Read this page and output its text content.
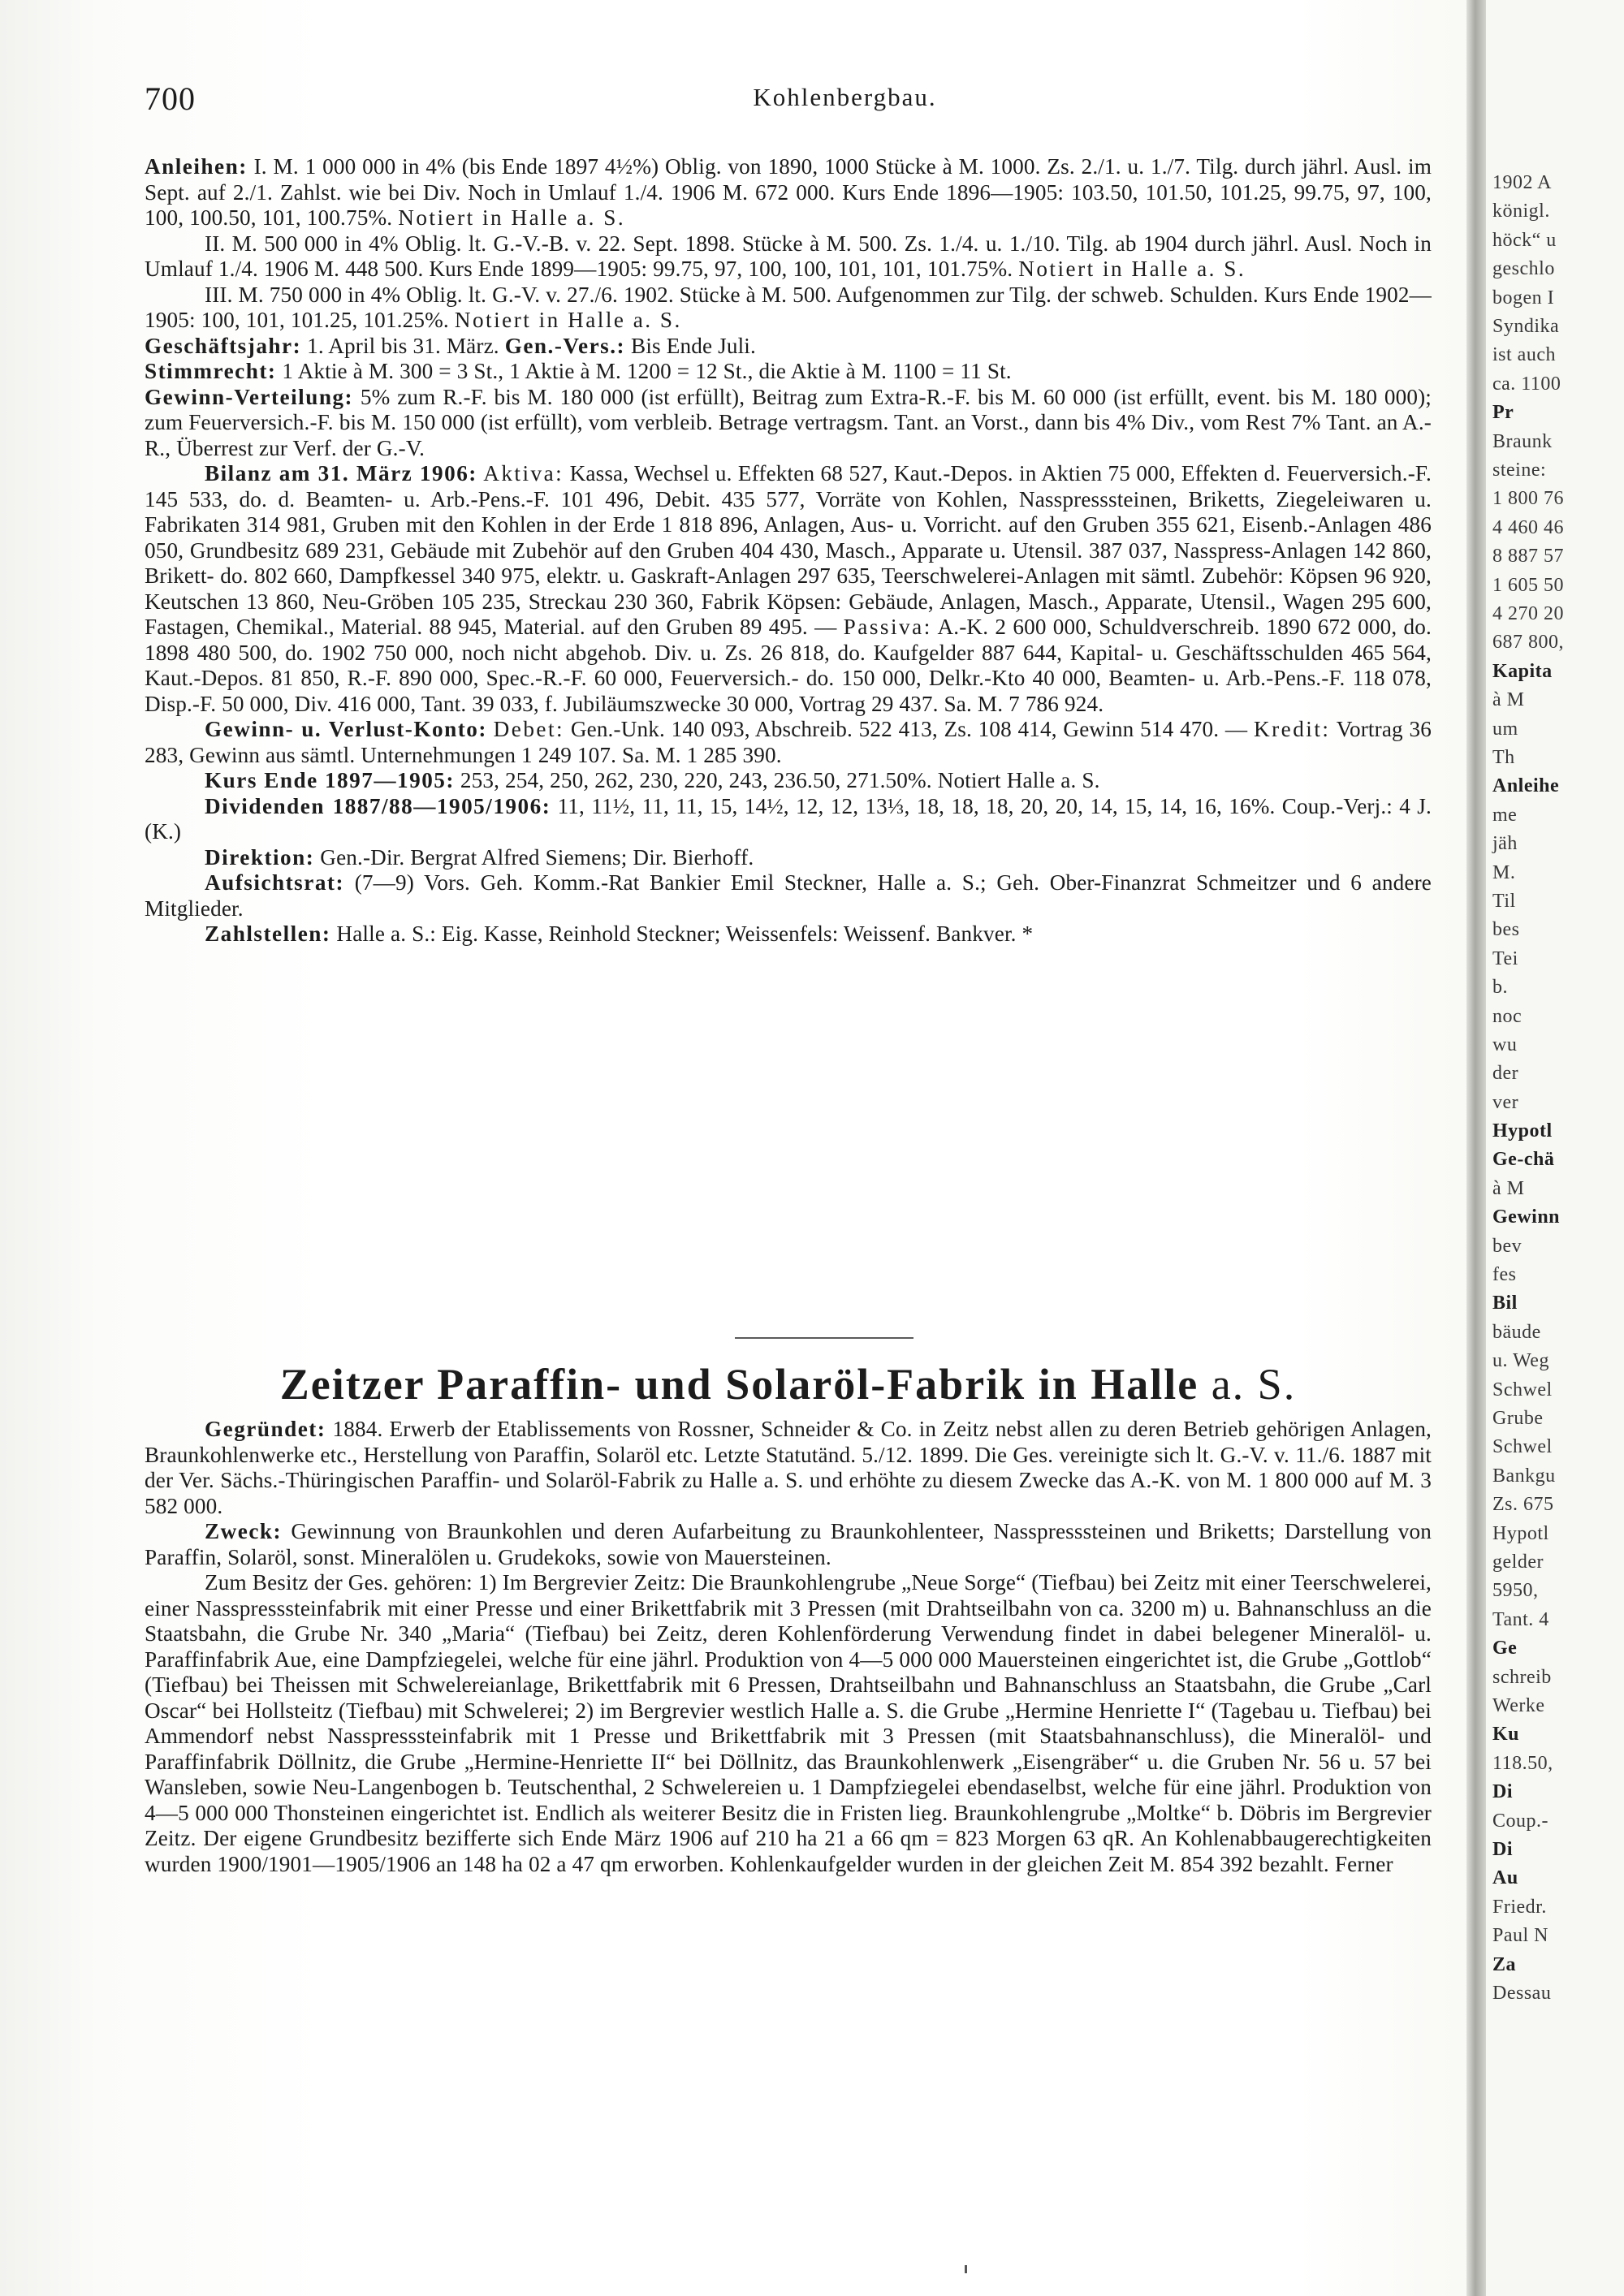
700	Kohlenbergbau.

Anleihen: I. M. 1 000 000 in 4% (bis Ende 1897 4½%) Oblig. von 1890, 1000 Stücke à M. 1000. Zs. 2./1. u. 1./7. Tilg. durch jährl. Ausl. im Sept. auf 2./1. Zahlst. wie bei Div. Noch in Umlauf 1./4. 1906 M. 672 000. Kurs Ende 1896—1905: 103.50, 101.50, 101.25, 99.75, 97, 100, 100, 100.50, 101, 100.75%. Notiert in Halle a. S.

II. M. 500 000 in 4% Oblig. lt. G.-V.-B. v. 22. Sept. 1898. Stücke à M. 500. Zs. 1./4. u. 1./10. Tilg. ab 1904 durch jährl. Ausl. Noch in Umlauf 1./4. 1906 M. 448 500. Kurs Ende 1899—1905: 99.75, 97, 100, 100, 101, 101, 101.75%. Notiert in Halle a. S.

III. M. 750 000 in 4% Oblig. lt. G.-V. v. 27./6. 1902. Stücke à M. 500. Aufgenommen zur Tilg. der schweb. Schulden. Kurs Ende 1902—1905: 100, 101, 101.25, 101.25%. Notiert in Halle a. S.

Geschäftsjahr: 1. April bis 31. März. Gen.-Vers.: Bis Ende Juli.

Stimmrecht: 1 Aktie à M. 300 = 3 St., 1 Aktie à M. 1200 = 12 St., die Aktie à M. 1100 = 11 St.

Gewinn-Verteilung: 5% zum R.-F. bis M. 180 000 (ist erfüllt), Beitrag zum Extra-R.-F. bis M. 60 000 (ist erfüllt, event. bis M. 180 000); zum Feuerversich.-F. bis M. 150 000 (ist erfüllt), vom verbleib. Betrage vertragsm. Tant. an Vorst., dann bis 4% Div., vom Rest 7% Tant. an A.-R., Überrest zur Verf. der G.-V.

Bilanz am 31. März 1906: Aktiva: Kassa, Wechsel u. Effekten 68 527, Kaut.-Depos. in Aktien 75 000, Effekten d. Feuerversich.-F. 145 533, do. d. Beamten- u. Arb.-Pens.-F. 101 496, Debit. 435 577, Vorräte von Kohlen, Nasspresssteinen, Briketts, Ziegeleiwaren u. Fabrikaten 314 981, Gruben mit den Kohlen in der Erde 1 818 896, Anlagen, Aus- u. Vorricht. auf den Gruben 355 621, Eisenb.-Anlagen 486 050, Grundbesitz 689 231, Gebäude mit Zubehör auf den Gruben 404 430, Masch., Apparate u. Utensil. 387 037, Nasspress-Anlagen 142 860, Brikett- do. 802 660, Dampfkessel 340 975, elektr. u. Gaskraft-Anlagen 297 635, Teerschwelerei-Anlagen mit sämtl. Zubehör: Köpsen 96 920, Keutschen 13 860, Neu-Gröben 105 235, Streckau 230 360, Fabrik Köpsen: Gebäude, Anlagen, Masch., Apparate, Utensil., Wagen 295 600, Fastagen, Chemikal., Material. 88 945, Material. auf den Gruben 89 495. — Passiva: A.-K. 2 600 000, Schuldverschreib. 1890 672 000, do. 1898 480 500, do. 1902 750 000, noch nicht abgehob. Div. u. Zs. 26 818, do. Kaufgelder 887 644, Kapital- u. Geschäftsschulden 465 564, Kaut.-Depos. 81 850, R.-F. 890 000, Spec.-R.-F. 60 000, Feuerversich.- do. 150 000, Delkr.-Kto 40 000, Beamten- u. Arb.-Pens.-F. 118 078, Disp.-F. 50 000, Div. 416 000, Tant. 39 033, f. Jubiläumszwecke 30 000, Vortrag 29 437. Sa. M. 7 786 924.

Gewinn- u. Verlust-Konto: Debet: Gen.-Unk. 140 093, Abschreib. 522 413, Zs. 108 414, Gewinn 514 470. — Kredit: Vortrag 36 283, Gewinn aus sämtl. Unternehmungen 1 249 107. Sa. M. 1 285 390.

Kurs Ende 1897—1905: 253, 254, 250, 262, 230, 220, 243, 236.50, 271.50%. Notiert Halle a. S.

Dividenden 1887/88—1905/1906: 11, 11½, 11, 11, 15, 14½, 12, 12, 13⅓, 18, 18, 18, 20, 20, 14, 15, 14, 16, 16%. Coup.-Verj.: 4 J. (K.)

Direktion: Gen.-Dir. Bergrat Alfred Siemens; Dir. Bierhoff.

Aufsichtsrat: (7—9) Vors. Geh. Komm.-Rat Bankier Emil Steckner, Halle a. S.; Geh. Ober-Finanzrat Schmeitzer und 6 andere Mitglieder.

Zahlstellen: Halle a. S.: Eig. Kasse, Reinhold Steckner; Weissenfels: Weissenf. Bankver. *

Zeitzer Paraffin- und Solaröl-Fabrik in Halle a. S.

Gegründet: 1884. Erwerb der Etablissements von Rossner, Schneider & Co. in Zeitz nebst allen zu deren Betrieb gehörigen Anlagen, Braunkohlenwerke etc., Herstellung von Paraffin, Solaröl etc. Letzte Statutänd. 5./12. 1899. Die Ges. vereinigte sich lt. G.-V. v. 11./6. 1887 mit der Ver. Sächs.-Thüringischen Paraffin- und Solaröl-Fabrik zu Halle a. S. und erhöhte zu diesem Zwecke das A.-K. von M. 1 800 000 auf M. 3 582 000.

Zweck: Gewinnung von Braunkohlen und deren Aufarbeitung zu Braunkohlenteer, Nasspresssteinen und Briketts; Darstellung von Paraffin, Solaröl, sonst. Mineralölen u. Grudekoks, sowie von Mauersteinen.

Zum Besitz der Ges. gehören: 1) Im Bergrevier Zeitz: Die Braunkohlengrube „Neue Sorge“ (Tiefbau) bei Zeitz mit einer Teerschwelerei, einer Nasspresssteinfabrik mit einer Presse und einer Brikettfabrik mit 3 Pressen (mit Drahtseilbahn von ca. 3200 m) u. Bahnanschluss an die Staatsbahn, die Grube Nr. 340 „Maria“ (Tiefbau) bei Zeitz, deren Kohlenförderung Verwendung findet in dabei belegener Mineralöl- u. Paraffinfabrik Aue, eine Dampfziegelei, welche für eine jährl. Produktion von 4—5 000 000 Mauersteinen eingerichtet ist, die Grube „Gottlob“ (Tiefbau) bei Theissen mit Schwelereianlage, Brikettfabrik mit 6 Pressen, Drahtseilbahn und Bahnanschluss an Staatsbahn, die Grube „Carl Oscar“ bei Hollsteitz (Tiefbau) mit Schwelerei; 2) im Bergrevier westlich Halle a. S. die Grube „Hermine Henriette I“ (Tagebau u. Tiefbau) bei Ammendorf nebst Nasspresssteinfabrik mit 1 Presse und Brikettfabrik mit 3 Pressen (mit Staatsbahnanschluss), die Mineralöl- und Paraffinfabrik Döllnitz, die Grube „Hermine-Henriette II“ bei Döllnitz, das Braunkohlenwerk „Eisengräber“ u. die Gruben Nr. 56 u. 57 bei Wansleben, sowie Neu-Langenbogen b. Teutschenthal, 2 Schwelereien u. 1 Dampfziegelei ebendaselbst, welche für eine jährl. Produktion von 4—5 000 000 Thonsteinen eingerichtet ist. Endlich als weiterer Besitz die in Fristen lieg. Braunkohlengrube „Moltke“ b. Döbris im Bergrevier Zeitz. Der eigene Grundbesitz bezifferte sich Ende März 1906 auf 210 ha 21 a 66 qm = 823 Morgen 63 qR. An Kohlenabbaugerechtigkeiten wurden 1900/1901—1905/1906 an 148 ha 02 a 47 qm erworben. Kohlenkaufgelder wurden in der gleichen Zeit M. 854 392 bezahlt. Ferner

1902 A
königl.
höck“ u
geschlo
bogen I
Syndika
ist auch
ca. 1100
Pr
Braunk
steine:
1 800 76
4 460 46
8 887 57
1 605 50
4 270 20
687 800,
Kapita
à M
um
Th
Anleihe
me
jäh
M.
Til
bes
Tei
b.
noc
wu
der
ver
Hypotl
Ge-chä
à M
Gewinn
bev
fes
Bil
bäude
u. Weg
Schwel
Grube
Schwel
Bankgu
Zs. 675
Hypotl
gelder
5950,
Tant. 4
Ge
schreib
Werke
Ku
118.50,
Di
Coup.-
Di
Au
Friedr.
Paul N
Za
Dessau
